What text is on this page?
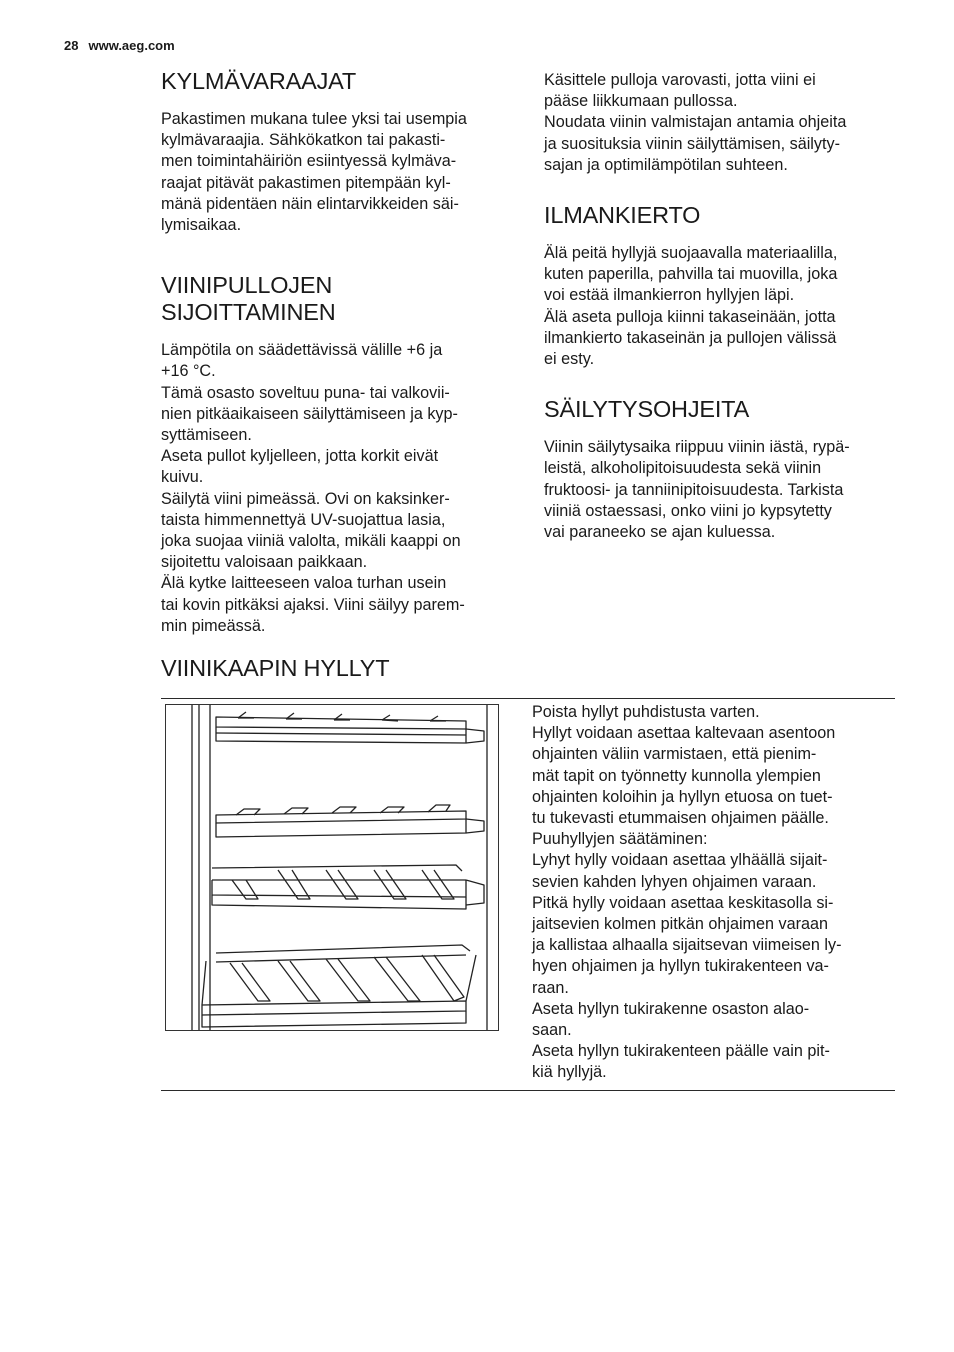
28 www.aeg.com
KYLMÄVARAAJAT
Pakastimen mukana tulee yksi tai usempia
kylmävaraajia. Sähkökatkon tai pakasti-
men toimintahäiriön esiintyessä kylmäva-
raajat pitävät pakastimen pitempään kyl-
mänä pidentäen näin elintarvikkeiden säi-
lymisaikaa.
VIINIPULLOJEN
SIJOITTAMINEN
Lämpötila on säädettävissä välille +6 ja
+16 °C.
Tämä osasto soveltuu puna- tai valkovii-
nien pitkäaikaiseen säilyttämiseen ja kyp-
syttämiseen.
Aseta pullot kyljelleen, jotta korkit eivät
kuivu.
Säilytä viini pimeässä. Ovi on kaksinker-
taista himmennettyä UV-suojattua lasia,
joka suojaa viiniä valolta, mikäli kaappi on
sijoitettu valoisaan paikkaan.
Älä kytke laitteeseen valoa turhan usein
tai kovin pitkäksi ajaksi. Viini säilyy parem-
min pimeässä.
Käsittele pulloja varovasti, jotta viini ei
pääse liikkumaan pullossa.
Noudata viinin valmistajan antamia ohjeita
ja suosituksia viinin säilyttämisen, säilyty-
sajan ja optimilämpötilan suhteen.
ILMANKIERTO
Älä peitä hyllyjä suojaavalla materiaalilla,
kuten paperilla, pahvilla tai muovilla, joka
voi estää ilmankierron hyllyjen läpi.
Älä aseta pulloja kiinni takaseinään, jotta
ilmankierto takaseinän ja pullojen välissä
ei esty.
SÄILYTYSOHJEITA
Viinin säilytysaika riippuu viinin iästä, rypä-
leistä, alkoholipitoisuudesta sekä viinin
fruktoosi- ja tanniinipitoisuudesta. Tarkista
viiniä ostaessasi, onko viini jo kypsytetty
vai paraneeko se ajan kuluessa.
VIINIKAAPIN HYLLYT
Poista hyllyt puhdistusta varten.
Hyllyt voidaan asettaa kaltevaan asentoon
ohjainten väliin varmistaen, että pienim-
mät tapit on työnnetty kunnolla ylempien
ohjainten koloihin ja hyllyn etuosa on tuet-
tu tukevasti etummaisen ohjaimen päälle.
Puuhyllyjen säätäminen:
Lyhyt hylly voidaan asettaa ylhäällä sijait-
sevien kahden lyhyen ohjaimen varaan.
Pitkä hylly voidaan asettaa keskitasolla si-
jaitsevien kolmen pitkän ohjaimen varaan
ja kallistaa alhaalla sijaitsevan viimeisen ly-
hyen ohjaimen ja hyllyn tukirakenteen va-
raan.
Aseta hyllyn tukirakenne osaston alao-
saan.
Aseta hyllyn tukirakenteen päälle vain pit-
kiä hyllyjä.
